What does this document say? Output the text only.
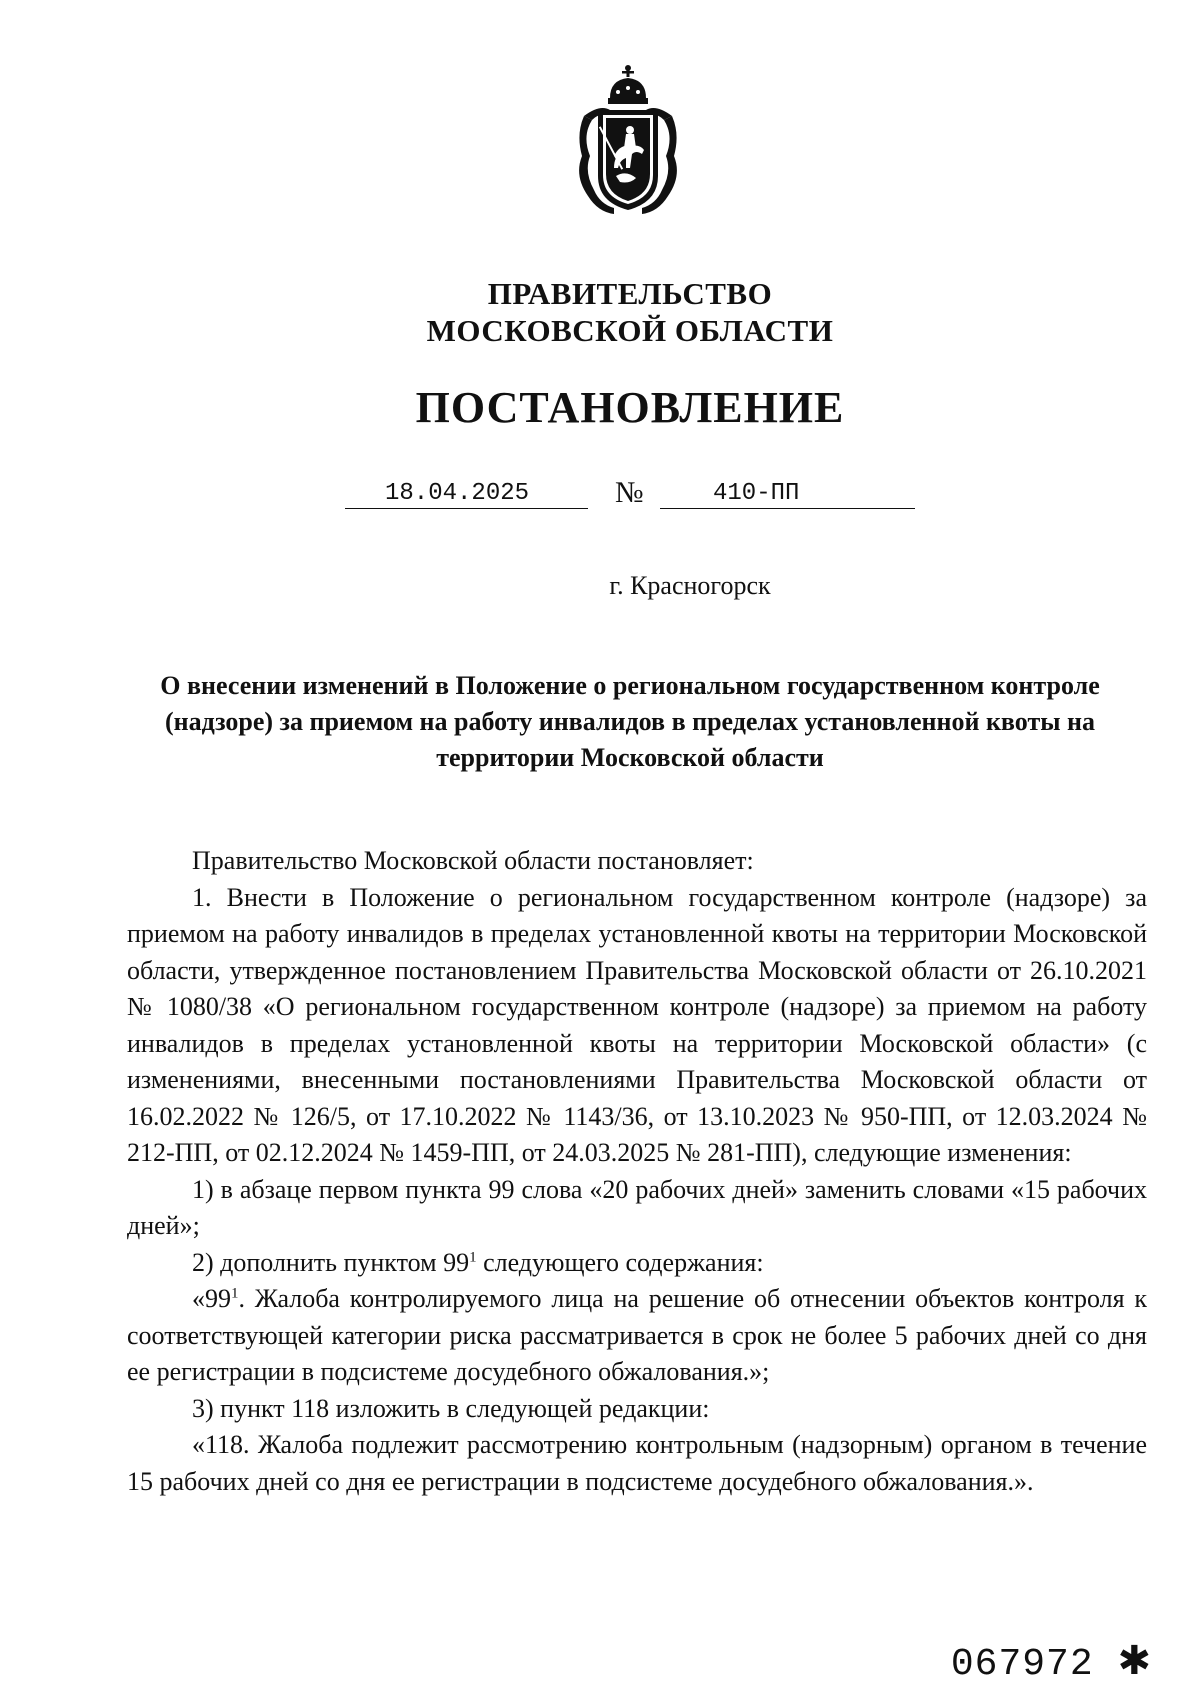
ПРАВИТЕЛЬСТВО
МОСКОВСКОЙ ОБЛАСТИ
ПОСТАНОВЛЕНИЕ
18.04.2025	№	410-ПП
г. Красногорск
О внесении изменений в Положение о региональном государственном контроле (надзоре) за приемом на работу инвалидов в пределах установленной квоты на территории Московской области

Правительство Московской области постановляет:

1. Внести в Положение о региональном государственном контроле (надзоре) за приемом на работу инвалидов в пределах установленной квоты на территории Московской области, утвержденное постановлением Правительства Московской области от 26.10.2021 № 1080/38 «О региональном государственном контроле (надзоре) за приемом на работу инвалидов в пределах установленной квоты на территории Московской области» (с изменениями, внесенными постановлениями Правительства Московской области от 16.02.2022 № 126/5, от 17.10.2022 № 1143/36, от 13.10.2023 № 950-ПП, от 12.03.2024 № 212-ПП, от 02.12.2024 № 1459-ПП, от 24.03.2025 № 281-ПП), следующие изменения:

1) в абзаце первом пункта 99 слова «20 рабочих дней» заменить словами «15 рабочих дней»;

2) дополнить пунктом $99^1$ следующего содержания:

«$99^1$. Жалоба контролируемого лица на решение об отнесении объектов контроля к соответствующей категории риска рассматривается в срок не более 5 рабочих дней со дня ее регистрации в подсистеме досудебного обжалования.»;

3) пункт 118 изложить в следующей редакции:

«118. Жалоба подлежит рассмотрению контрольным (надзорным) органом в течение 15 рабочих дней со дня ее регистрации в подсистеме досудебного обжалования.».

067972 ✱
